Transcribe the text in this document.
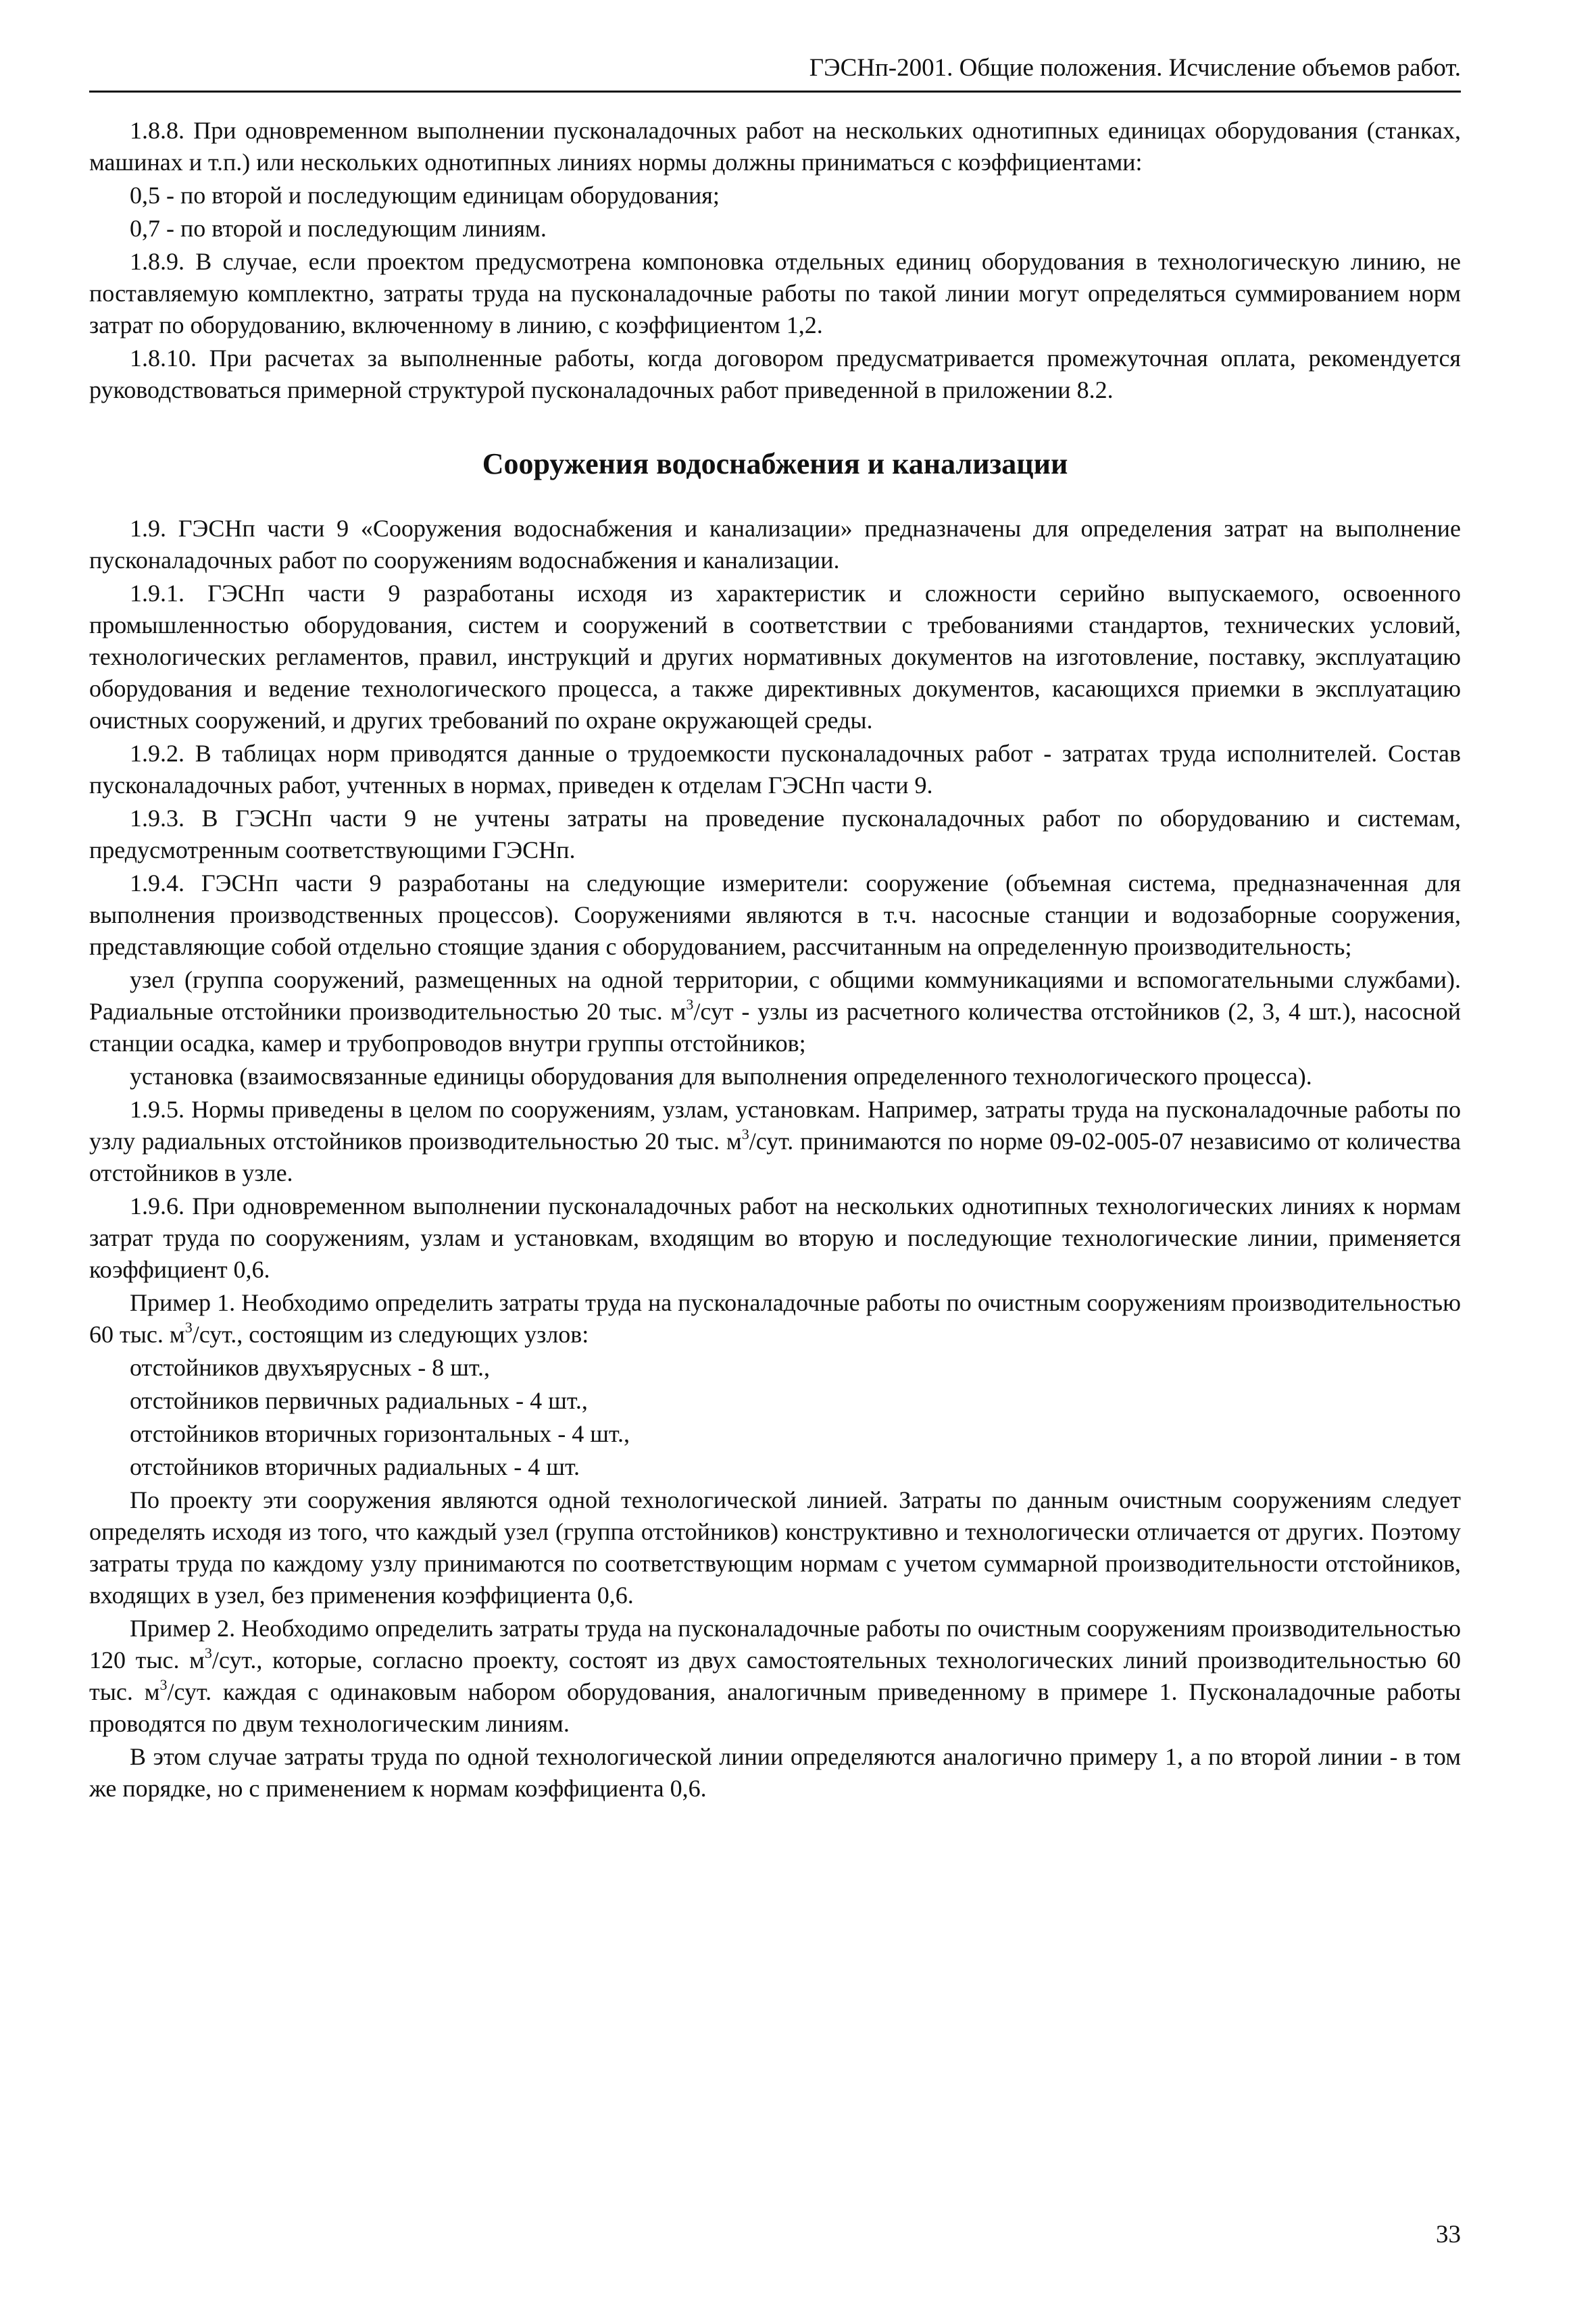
ГЭСНп-2001. Общие положения. Исчисление объемов работ.

1.8.8. При одновременном выполнении пусконаладочных работ на нескольких однотипных единицах оборудования (станках, машинах и т.п.) или нескольких однотипных линиях нормы должны приниматься с коэффициентами:

0,5 - по второй и последующим единицам оборудования;

0,7 - по второй и последующим линиям.

1.8.9. В случае, если проектом предусмотрена компоновка отдельных единиц оборудования в технологическую линию, не поставляемую комплектно, затраты труда на пусконаладочные работы по такой линии могут определяться суммированием норм затрат по оборудованию, включенному в линию, с коэффициентом 1,2.

1.8.10. При расчетах за выполненные работы, когда договором предусматривается промежуточная оплата, рекомендуется руководствоваться примерной структурой пусконаладочных работ приведенной в приложении 8.2.

Сооружения водоснабжения и канализации

1.9. ГЭСНп части 9 «Сооружения водоснабжения и канализации» предназначены для определения затрат на выполнение пусконаладочных работ по сооружениям водоснабжения и канализации.

1.9.1. ГЭСНп части 9 разработаны исходя из характеристик и сложности серийно выпускаемого, освоенного промышленностью оборудования, систем и сооружений в соответствии с требованиями стандартов, технических условий, технологических регламентов, правил, инструкций и других нормативных документов на изготовление, поставку, эксплуатацию оборудования и ведение технологического процесса, а также директивных документов, касающихся приемки в эксплуатацию очистных сооружений, и других требований по охране окружающей среды.

1.9.2. В таблицах норм приводятся данные о трудоемкости пусконаладочных работ - затратах труда исполнителей. Состав пусконаладочных работ, учтенных в нормах, приведен к отделам ГЭСНп части 9.

1.9.3. В ГЭСНп части 9 не учтены затраты на проведение пусконаладочных работ по оборудованию и системам, предусмотренным соответствующими ГЭСНп.

1.9.4. ГЭСНп части 9 разработаны на следующие измерители: сооружение (объемная система, предназначенная для выполнения производственных процессов). Сооружениями являются в т.ч. насосные станции и водозаборные сооружения, представляющие собой отдельно стоящие здания с оборудованием, рассчитанным на определенную производительность;

узел (группа сооружений, размещенных на одной территории, с общими коммуникациями и вспомогательными службами). Радиальные отстойники производительностью 20 тыс. $м^3$/сут - узлы из расчетного количества отстойников (2, 3, 4 шт.), насосной станции осадка, камер и трубопроводов внутри группы отстойников;

установка (взаимосвязанные единицы оборудования для выполнения определенного технологического процесса).

1.9.5. Нормы приведены в целом по сооружениям, узлам, установкам. Например, затраты труда на пусконаладочные работы по узлу радиальных отстойников производительностью 20 тыс. $м^3$/сут. принимаются по норме 09-02-005-07 независимо от количества отстойников в узле.

1.9.6. При одновременном выполнении пусконаладочных работ на нескольких однотипных технологических линиях к нормам затрат труда по сооружениям, узлам и установкам, входящим во вторую и последующие технологические линии, применяется коэффициент 0,6.

Пример 1. Необходимо определить затраты труда на пусконаладочные работы по очистным сооружениям производительностью 60 тыс. $м^3$/сут., состоящим из следующих узлов:

отстойников двухъярусных - 8 шт.,

отстойников первичных радиальных - 4 шт.,

отстойников вторичных горизонтальных - 4 шт.,

отстойников вторичных радиальных - 4 шт.

По проекту эти сооружения являются одной технологической линией. Затраты по данным очистным сооружениям следует определять исходя из того, что каждый узел (группа отстойников) конструктивно и технологически отличается от других. Поэтому затраты труда по каждому узлу принимаются по соответствующим нормам с учетом суммарной производительности отстойников, входящих в узел, без применения коэффициента 0,6.

Пример 2. Необходимо определить затраты труда на пусконаладочные работы по очистным сооружениям производительностью 120 тыс. $м^3$/сут., которые, согласно проекту, состоят из двух самостоятельных технологических линий производительностью 60 тыс. $м^3$/сут. каждая с одинаковым набором оборудования, аналогичным приведенному в примере 1. Пусконаладочные работы проводятся по двум технологическим линиям.

В этом случае затраты труда по одной технологической линии определяются аналогично примеру 1, а по второй линии - в том же порядке, но с применением к нормам коэффициента 0,6.

33
